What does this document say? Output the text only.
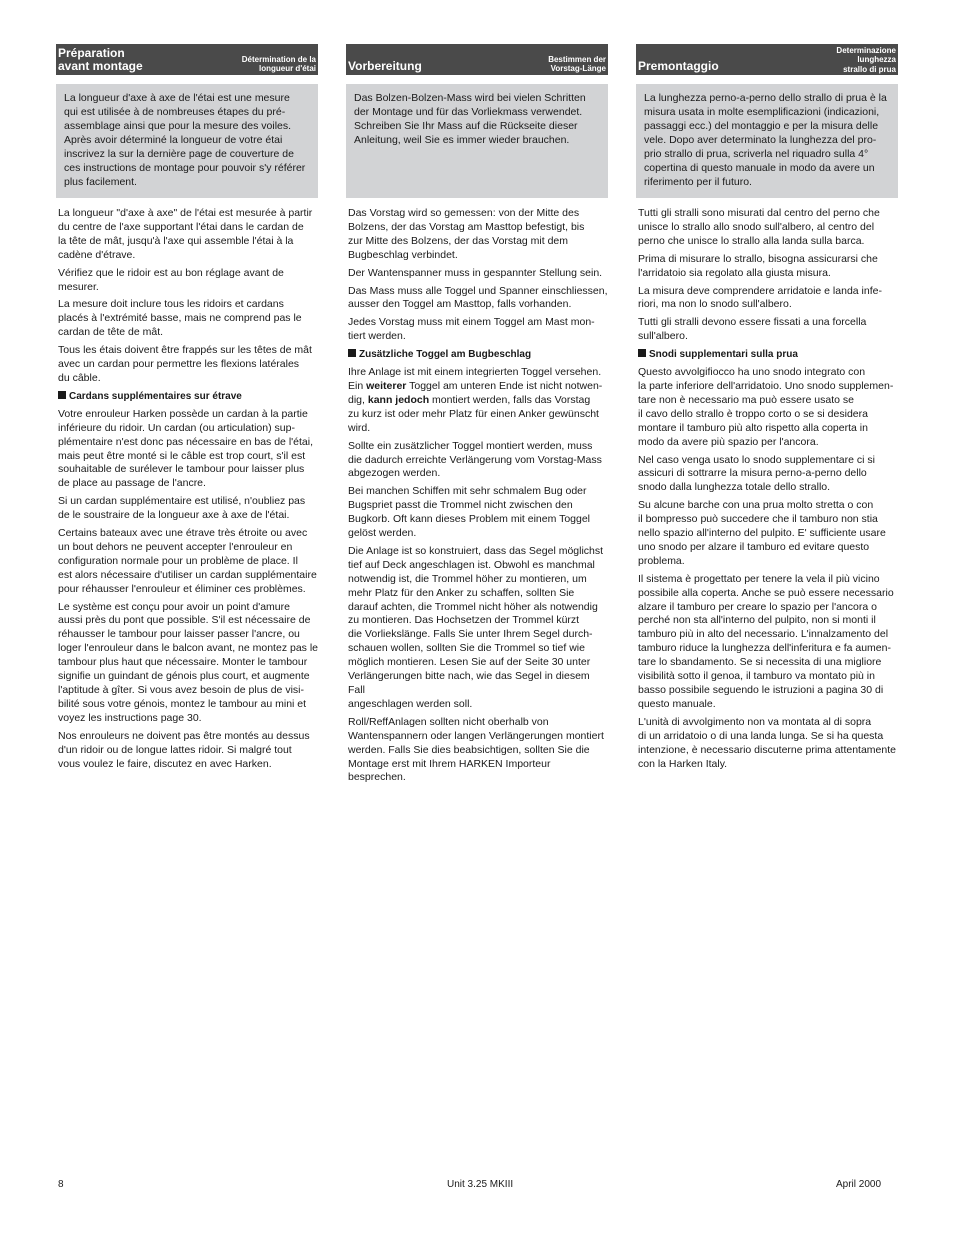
Préparation
avant montage	Détermination de la
longueur d'étai
La longueur d'axe à axe de l'étai est une mesure
qui est utilisée à de nombreuses étapes du pré-
assemblage ainsi que pour la mesure des voiles.
Après avoir déterminé la longueur de votre étai
inscrivez la sur la dernière page de couverture de
ces instructions de montage pour pouvoir s'y référer
plus facilement.

La longueur "d'axe à axe" de l'étai est mesurée à partir
du centre de l'axe supportant l'étai dans le cardan de
la tête de mât, jusqu'à l'axe qui assemble l'étai à la
cadène d'étrave.

Vérifiez que le ridoir est au bon réglage avant de
mesurer.

La mesure doit inclure tous les ridoirs et cardans
placés à l'extrémité basse, mais ne comprend pas le
cardan de tête de mât.

Tous les étais doivent être frappés sur les têtes de mât
avec un cardan pour permettre les flexions latérales
du câble.

Cardans supplémentaires sur étrave

Votre enrouleur Harken possède un cardan à la partie
inférieure du ridoir. Un cardan (ou articulation) sup-
plémentaire n'est donc pas nécessaire en bas de l'étai,
mais peut être monté si le câble est trop court, s'il est
souhaitable de surélever le tambour pour laisser plus
de place au passage de l'ancre.

Si un cardan supplémentaire est utilisé, n'oubliez pas
de le soustraire de la longueur axe à axe de l'étai.

Certains bateaux avec une étrave très étroite ou avec
un bout dehors ne peuvent accepter l'enrouleur en
configuration normale pour un problème de place. Il
est alors nécessaire d'utiliser un cardan supplémentaire
pour réhausser l'enrouleur et éliminer ces problèmes.

Le système est conçu pour avoir un point d'amure
aussi près du pont que possible. S'il est nécessaire de
réhausser le tambour pour laisser passer l'ancre, ou
loger l'enrouleur dans le balcon avant, ne montez pas le
tambour plus haut que nécessaire. Monter le tambour
signifie un guindant de génois plus court, et augmente
l'aptitude à gîter. Si vous avez besoin de plus de visi-
bilité sous votre génois, montez le tambour au mini et
voyez les instructions page 30.

Nos enrouleurs ne doivent pas être montés au dessus
d'un ridoir ou de longue lattes ridoir. Si malgré tout
vous voulez le faire, discutez en avec Harken.

Vorbereitung	Bestimmen der
Vorstag-Länge
Das Bolzen-Bolzen-Mass wird bei vielen Schritten
der Montage und für das Vorliekmass verwendet.
Schreiben Sie Ihr Mass auf die Rückseite dieser
Anleitung, weil Sie es immer wieder brauchen.

Das Vorstag wird so gemessen: von der Mitte des
Bolzens, der das Vorstag am Masttop befestigt, bis
zur Mitte des Bolzens, der das Vorstag mit dem
Bugbeschlag verbindet.

Der Wantenspanner muss in gespannter Stellung sein.

Das Mass muss alle Toggel und Spanner einschliessen,
ausser den Toggel am Masttop, falls vorhanden.

Jedes Vorstag muss mit einem Toggel am Mast mon-
tiert werden.

Zusätzliche Toggel am Bugbeschlag

Ihre Anlage ist mit einem integrierten Toggel versehen.
Ein weiterer Toggel am unteren Ende ist nicht notwen-
dig, kann jedoch montiert werden, falls das Vorstag
zu kurz ist oder mehr Platz für einen Anker gewünscht
wird.

Sollte ein zusätzlicher Toggel montiert werden, muss
die dadurch erreichte Verlängerung vom Vorstag-Mass
abgezogen werden.

Bei manchen Schiffen mit sehr schmalem Bug oder
Bugspriet passt die Trommel nicht zwischen den
Bugkorb. Oft kann dieses Problem mit einem Toggel
gelöst werden.

Die Anlage ist so konstruiert, dass das Segel möglichst
tief auf Deck angeschlagen ist. Obwohl es manchmal
notwendig ist, die Trommel höher zu montieren, um
mehr Platz für den Anker zu schaffen, sollten Sie
darauf achten, die Trommel nicht höher als notwendig
zu montieren. Das Hochsetzen der Trommel kürzt
die Vorliekslänge. Falls Sie unter Ihrem Segel durch-
schauen wollen, sollten Sie die Trommel so tief wie
möglich montieren. Lesen Sie auf der Seite 30 unter
Verlängerungen bitte nach, wie das Segel in diesem Fall
angeschlagen werden soll.

Roll/ReffAnlagen sollten nicht oberhalb von
Wantenspannern oder langen Verlängerungen montiert
werden. Falls Sie dies beabsichtigen, sollten Sie die
Montage erst mit Ihrem HARKEN Importeur besprechen.

Premontaggio
Determinazione
lunghezza
strallo di prua
La lunghezza perno-a-perno dello strallo di prua è la
misura usata in molte esemplificazioni (indicazioni,
passaggi ecc.) del montaggio e per la misura delle
vele. Dopo aver determinato la lunghezza del pro-
prio strallo di prua, scriverla nel riquadro sulla 4°
copertina di questo manuale in modo da avere un
riferimento per il futuro.

Tutti gli stralli sono misurati dal centro del perno che
unisce lo strallo allo snodo sull'albero, al centro del
perno che unisce lo strallo alla landa sulla barca.

Prima di misurare lo strallo, bisogna assicurarsi che
l'arridatoio sia regolato alla giusta misura.

La misura deve comprendere arridatoie e landa infe-
riori, ma non lo snodo sull'albero.

Tutti gli stralli devono essere fissati a una forcella
sull'albero.

Snodi supplementari sulla prua

Questo avvolgifiocco ha uno snodo integrato con
la parte inferiore dell'arridatoio. Uno snodo supplemen-
tare non è necessario ma può essere usato se
il cavo dello strallo è troppo corto o se si desidera
montare il tamburo più alto rispetto alla coperta in
modo da avere più spazio per l'ancora.

Nel caso venga usato lo snodo supplementare ci si
assicuri di sottrarre la misura perno-a-perno dello
snodo dalla lunghezza totale dello strallo.

Su alcune barche con una prua molto stretta o con
il bompresso può succedere che il tamburo non stia
nello spazio all'interno del pulpito. E' sufficiente usare
uno snodo per alzare il tamburo ed evitare questo
problema.

Il sistema è progettato per tenere la vela il più vicino
possibile alla coperta. Anche se può essere necessario
alzare il tamburo per creare lo spazio per l'ancora o
perché non sta all'interno del pulpito, non si monti il
tamburo più in alto del necessario. L'innalzamento del
tamburo riduce la lunghezza dell'inferitura e fa aumen-
tare lo sbandamento. Se si necessita di una migliore
visibilità sotto il genoa, il tamburo va montato più in
basso possibile seguendo le istruzioni a pagina 30 di
questo manuale.

L'unità di avvolgimento non va montata al di sopra
di un arridatoio o di una landa lunga. Se si ha questa
intenzione, è necessario discuterne prima attentamente
con la Harken Italy.

8	Unit 3.25 MKIII	April 2000
